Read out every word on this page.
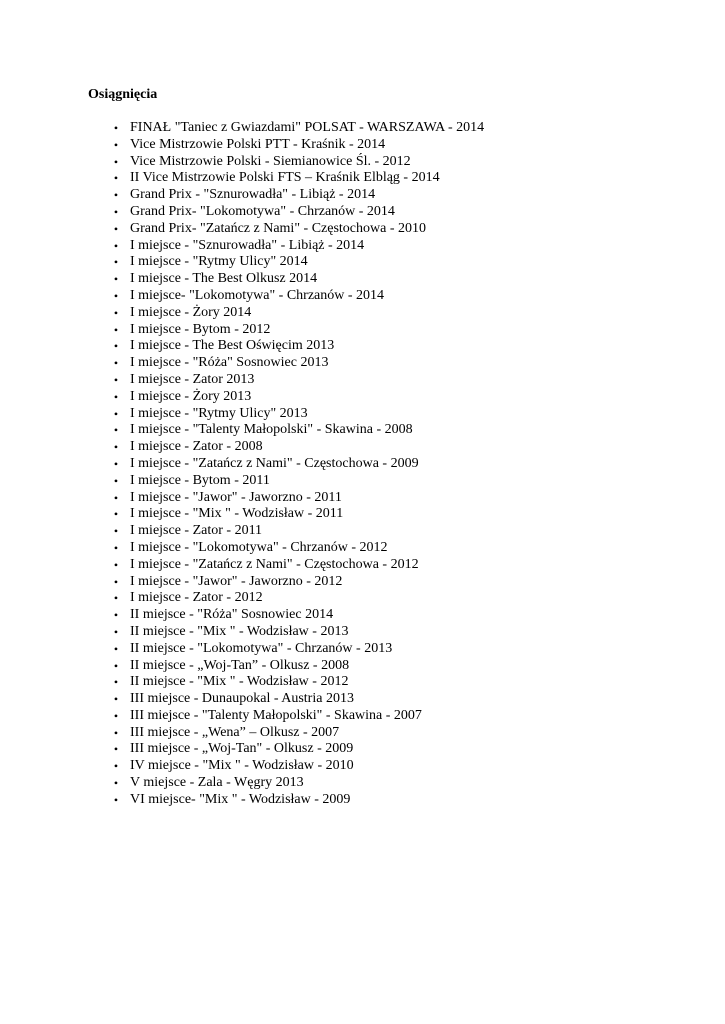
Osiągnięcia
• FINAŁ "Taniec z Gwiazdami" POLSAT - WARSZAWA - 2014
• Vice Mistrzowie Polski PTT - Kraśnik - 2014
• Vice Mistrzowie Polski - Siemianowice Śl. - 2012
• II Vice Mistrzowie Polski FTS – Kraśnik Elbląg - 2014
• Grand Prix - "Sznurowadła" - Libiąż - 2014
• Grand Prix- "Lokomotywa" - Chrzanów - 2014
• Grand Prix- "Zatańcz z Nami" - Częstochowa - 2010
• I miejsce - "Sznurowadła" - Libiąż - 2014
• I miejsce - "Rytmy Ulicy" 2014
• I miejsce - The Best Olkusz 2014
• I miejsce- "Lokomotywa" - Chrzanów - 2014
• I miejsce - Żory 2014
• I miejsce - Bytom - 2012
• I miejsce - The Best Oświęcim 2013
• I miejsce - "Róża" Sosnowiec 2013
• I miejsce - Zator 2013
• I miejsce - Żory 2013
• I miejsce - "Rytmy Ulicy" 2013
• I miejsce - "Talenty Małopolski" - Skawina - 2008
• I miejsce - Zator - 2008
• I miejsce - "Zatańcz z Nami" - Częstochowa - 2009
• I miejsce - Bytom - 2011
• I miejsce - "Jawor" - Jaworzno - 2011
• I miejsce - "Mix " - Wodzisław - 2011
• I miejsce - Zator - 2011
• I miejsce - "Lokomotywa" - Chrzanów - 2012
• I miejsce - "Zatańcz z Nami" - Częstochowa - 2012
• I miejsce - "Jawor" - Jaworzno - 2012
• I miejsce - Zator - 2012
• II miejsce - "Róża" Sosnowiec 2014
• II miejsce - "Mix " - Wodzisław - 2013
• II miejsce - "Lokomotywa" - Chrzanów - 2013
• II miejsce - „Woj-Tan” - Olkusz - 2008
• II miejsce - "Mix " - Wodzisław - 2012
• III miejsce - Dunaupokal - Austria 2013
• III miejsce - "Talenty Małopolski" - Skawina - 2007
• III miejsce - „Wena” – Olkusz - 2007
• III miejsce - „Woj-Tan" - Olkusz - 2009
• IV miejsce - "Mix " - Wodzisław - 2010
• V miejsce - Zala - Węgry 2013
• VI miejsce- "Mix " - Wodzisław - 2009
